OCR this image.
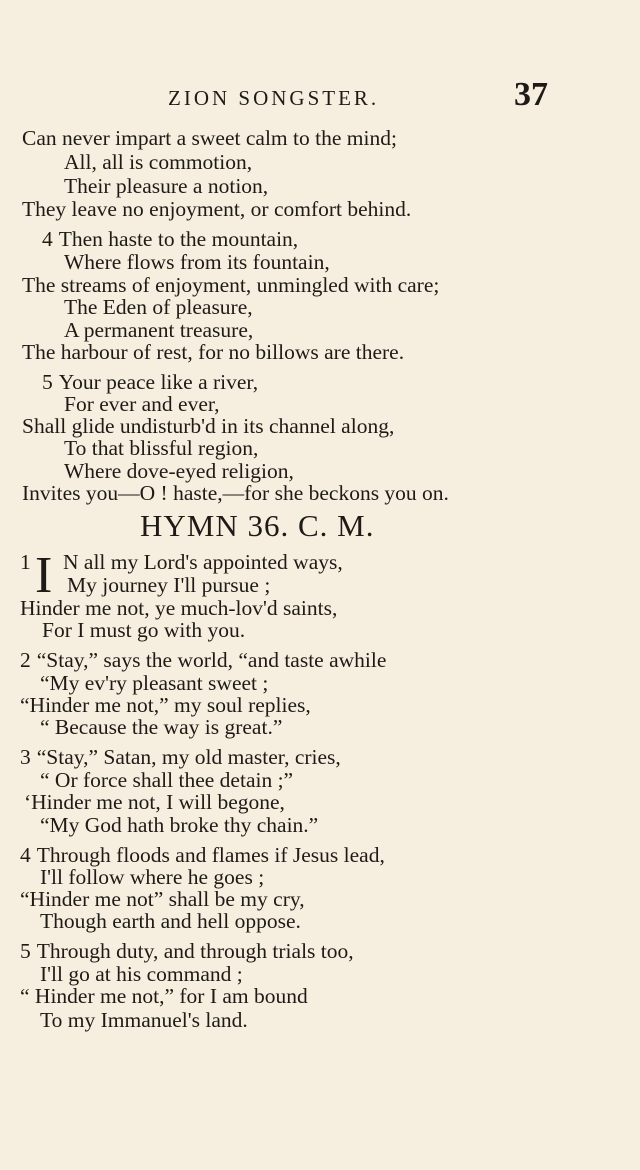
ZION SONGSTER.	37
Can never impart a sweet calm to the mind;
All, all is commotion,
Their pleasure a notion,
They leave no enjoyment, or comfort behind.
4 Then haste to the mountain,
Where flows from its fountain,
The streams of enjoyment, unmingled with care;
The Eden of pleasure,
A permanent treasure,
The harbour of rest, for no billows are there.
5 Your peace like a river,
For ever and ever,
Shall glide undisturb'd in its channel along,
To that blissful region,
Where dove-eyed religion,
Invites you—O ! haste,—for she beckons you on.
HYMN 36. C. M.
1 I N all my Lord's appointed ways,
My journey I'll pursue ;
Hinder me not, ye much-lov'd saints,
For I must go with you.
2 “Stay,” says the world, “and taste awhile
“My ev'ry pleasant sweet ;
“Hinder me not,” my soul replies,
“ Because the way is great.”
3 “Stay,” Satan, my old master, cries,
“ Or force shall thee detain ;”
‘Hinder me not, I will begone,
“My God hath broke thy chain.”
4 Through floods and flames if Jesus lead,
I'll follow where he goes ;
“Hinder me not” shall be my cry,
Though earth and hell oppose.
5 Through duty, and through trials too,
I'll go at his command ;
“ Hinder me not,” for I am bound
To my Immanuel's land.
